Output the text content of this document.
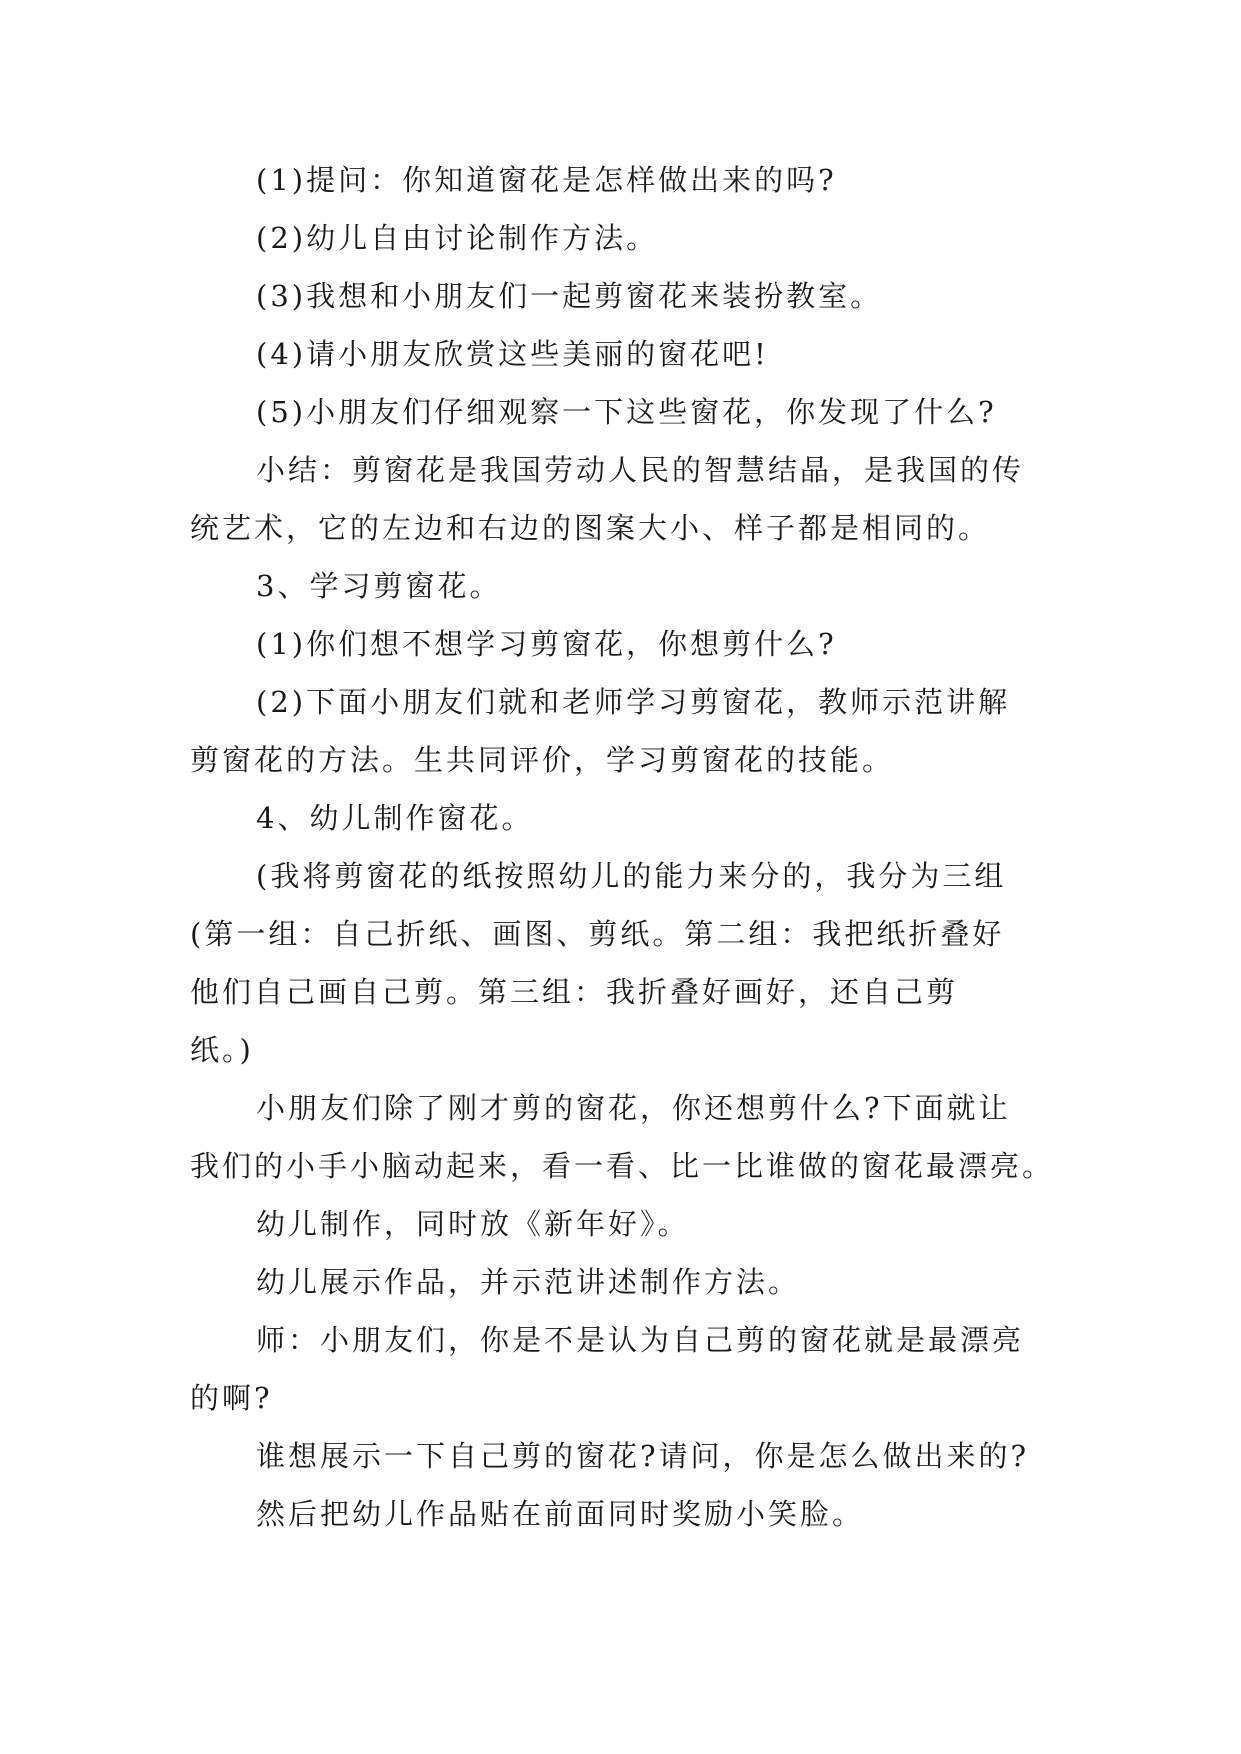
(1)提问：你知道窗花是怎样做出来的吗?
(2)幼儿自由讨论制作方法。
(3)我想和小朋友们一起剪窗花来装扮教室。
(4)请小朋友欣赏这些美丽的窗花吧!
(5)小朋友们仔细观察一下这些窗花，你发现了什么?
小结：剪窗花是我国劳动人民的智慧结晶，是我国的传
统艺术，它的左边和右边的图案大小、样子都是相同的。
3、学习剪窗花。
(1)你们想不想学习剪窗花，你想剪什么?
(2)下面小朋友们就和老师学习剪窗花，教师示范讲解
剪窗花的方法。生共同评价，学习剪窗花的技能。
4、幼儿制作窗花。
(我将剪窗花的纸按照幼儿的能力来分的，我分为三组
(第一组：自己折纸、画图、剪纸。第二组：我把纸折叠好
他们自己画自己剪。第三组：我折叠好画好，还自己剪
纸。)
小朋友们除了刚才剪的窗花，你还想剪什么?下面就让
我们的小手小脑动起来，看一看、比一比谁做的窗花最漂亮。
幼儿制作，同时放《新年好》。
幼儿展示作品，并示范讲述制作方法。
师：小朋友们，你是不是认为自己剪的窗花就是最漂亮
的啊?
谁想展示一下自己剪的窗花?请问，你是怎么做出来的?
然后把幼儿作品贴在前面同时奖励小笑脸。
